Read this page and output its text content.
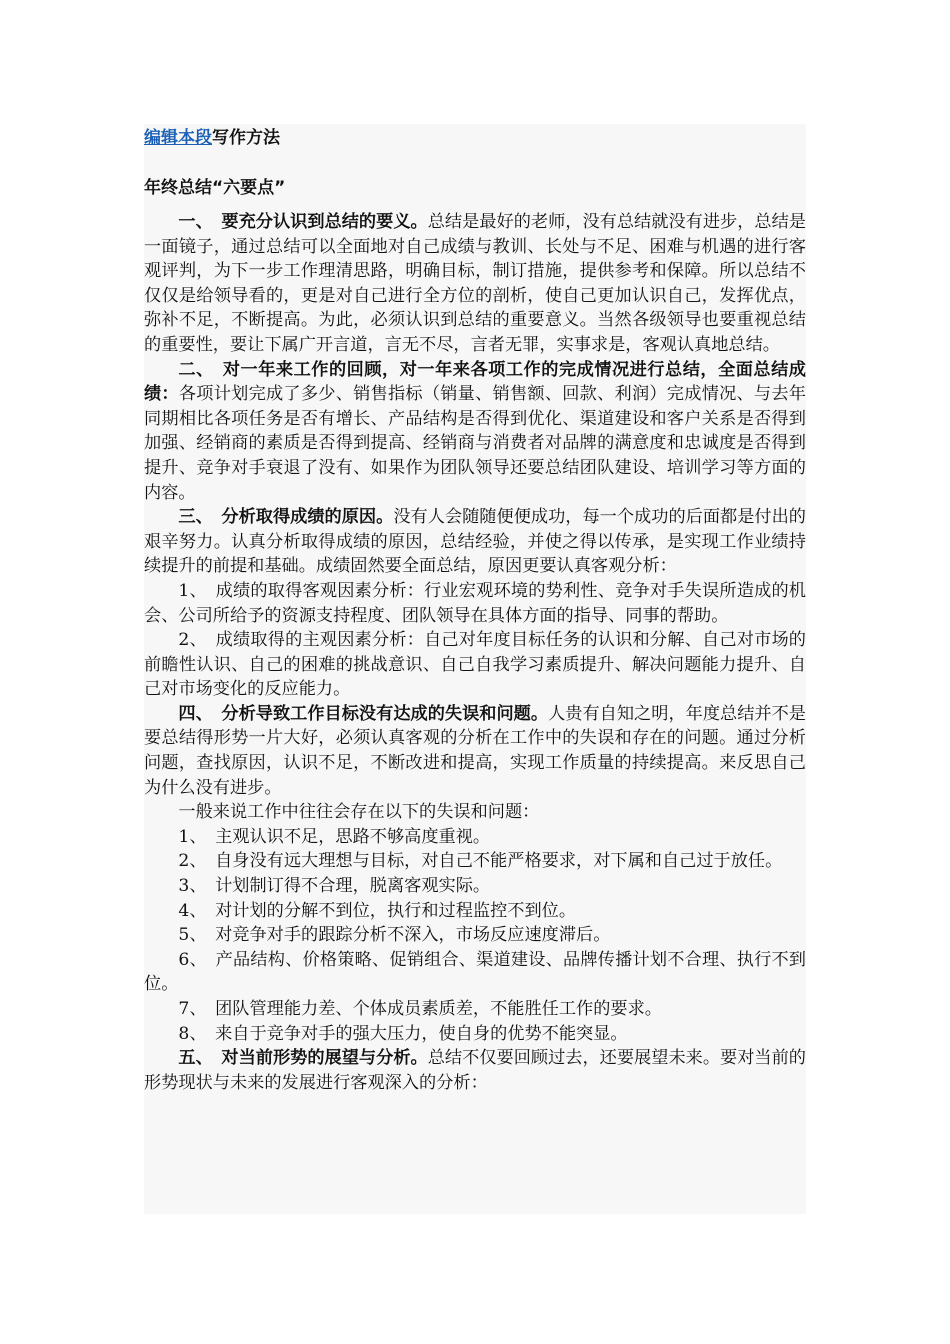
编辑本段写作方法
年终总结“六要点”

一、　要充分认识到总结的要义。总结是最好的老师，没有总结就没有进步，总结是一面镜子，通过总结可以全面地对自己成绩与教训、长处与不足、困难与机遇的进行客观评判，为下一步工作理清思路，明确目标，制订措施，提供参考和保障。所以总结不仅仅是给领导看的，更是对自己进行全方位的剖析，使自己更加认识自己，发挥优点，弥补不足，不断提高。为此，必须认识到总结的重要意义。当然各级领导也要重视总结的重要性，要让下属广开言道，言无不尽，言者无罪，实事求是，客观认真地总结。

二、　对一年来工作的回顾，对一年来各项工作的完成情况进行总结，全面总结成绩：各项计划完成了多少、销售指标（销量、销售额、回款、利润）完成情况、与去年同期相比各项任务是否有增长、产品结构是否得到优化、渠道建设和客户关系是否得到加强、经销商的素质是否得到提高、经销商与消费者对品牌的满意度和忠诚度是否得到提升、竞争对手衰退了没有、如果作为团队领导还要总结团队建设、培训学习等方面的内容。

三、　分析取得成绩的原因。没有人会随随便便成功，每一个成功的后面都是付出的艰辛努力。认真分析取得成绩的原因，总结经验，并使之得以传承，是实现工作业绩持续提升的前提和基础。成绩固然要全面总结，原因更要认真客观分析：

1、　成绩的取得客观因素分析：行业宏观环境的势利性、竞争对手失误所造成的机会、公司所给予的资源支持程度、团队领导在具体方面的指导、同事的帮助。

2、　成绩取得的主观因素分析：自己对年度目标任务的认识和分解、自己对市场的前瞻性认识、自己的困难的挑战意识、自己自我学习素质提升、解决问题能力提升、自己对市场变化的反应能力。

四、　分析导致工作目标没有达成的失误和问题。人贵有自知之明，年度总结并不是要总结得形势一片大好，必须认真客观的分析在工作中的失误和存在的问题。通过分析问题，查找原因，认识不足，不断改进和提高，实现工作质量的持续提高。来反思自己为什么没有进步。

一般来说工作中往往会存在以下的失误和问题：

1、　主观认识不足，思路不够高度重视。

2、　自身没有远大理想与目标，对自己不能严格要求，对下属和自己过于放任。

3、　计划制订得不合理，脱离客观实际。

4、　对计划的分解不到位，执行和过程监控不到位。

5、　对竞争对手的跟踪分析不深入，市场反应速度滞后。

6、　产品结构、价格策略、促销组合、渠道建设、品牌传播计划不合理、执行不到位。

7、　团队管理能力差、个体成员素质差，不能胜任工作的要求。

8、　来自于竞争对手的强大压力，使自身的优势不能突显。

五、　对当前形势的展望与分析。总结不仅要回顾过去，还要展望未来。要对当前的形势现状与未来的发展进行客观深入的分析：
